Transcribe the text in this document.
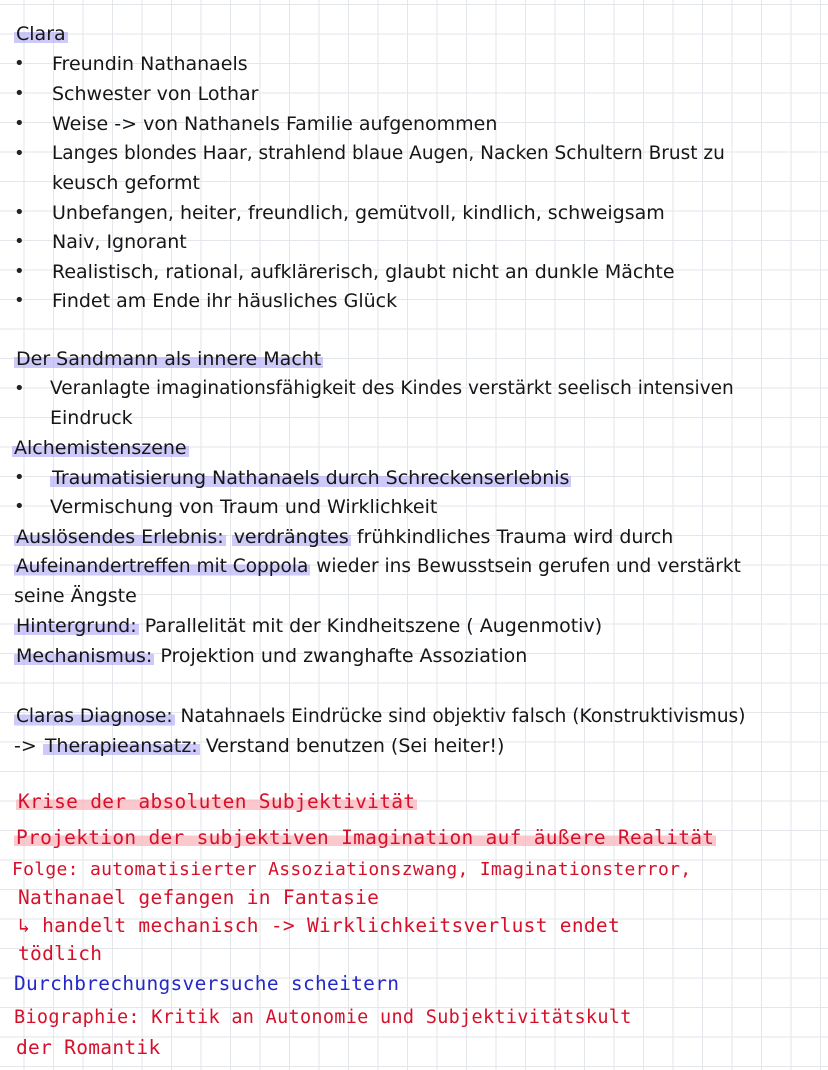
Clara
• Freundin Nathanaels
• Schwester von Lothar
• Weise -> von Nathanels Familie aufgenommen
• Langes blondes Haar, strahlend blaue Augen, Nacken Schultern Brust zu
keusch geformt
• Unbefangen, heiter, freundlich, gemütvoll, kindlich, schweigsam
• Naiv, Ignorant
• Realistisch, rational, aufklärerisch, glaubt nicht an dunkle Mächte
• Findet am Ende ihr häusliches Glück
Der Sandmann als innere Macht
• Veranlagte imaginationsfähigkeit des Kindes verstärkt seelisch intensiven
Eindruck
Alchemistenszene
• Traumatisierung Nathanaels durch Schreckenserlebnis
• Vermischung von Traum und Wirklichkeit
Auslösendes Erlebnis: verdrängtes frühkindliches Trauma wird durch
Aufeinandertreffen mit Coppola wieder ins Bewusstsein gerufen und verstärkt
seine Ängste
Hintergrund: Parallelität mit der Kindheitszene ( Augenmotiv)
Mechanismus: Projektion und zwanghafte Assoziation
Claras Diagnose: Natahnaels Eindrücke sind objektiv falsch (Konstruktivismus)
-> Therapieansatz: Verstand benutzen (Sei heiter!)
Krise der absoluten Subjektivität
Projektion der subjektiven Imagination auf äußere Realität
Folge: automatisierter Assoziationszwang, Imaginationsterror,
Nathanael gefangen in Fantasie
↳ handelt mechanisch -> Wirklichkeitsverlust endet
tödlich
Durchbrechungsversuche scheitern
Biographie: Kritik an Autonomie und Subjektivitätskult
der Romantik
